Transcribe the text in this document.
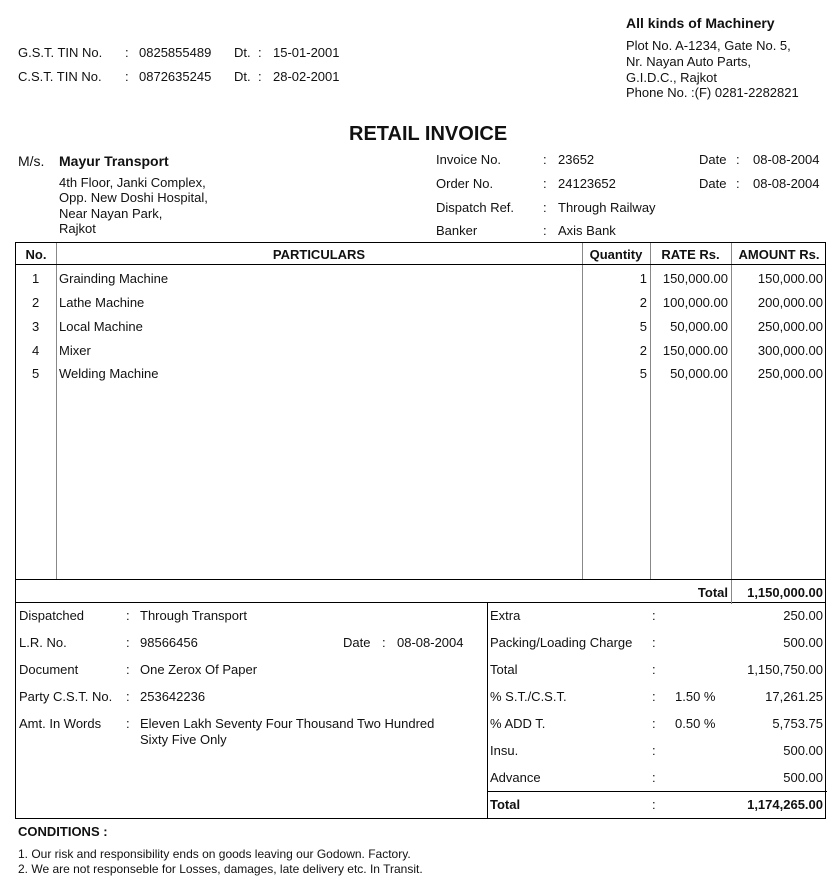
All kinds of Machinery
Plot No. A-1234, Gate No. 5,
Nr. Nayan Auto Parts,
G.I.D.C., Rajkot
Phone No. :(F) 0281-2282821
G.S.T. TIN No. : 0825855489 Dt. : 15-01-2001
C.S.T. TIN No. : 0872635245 Dt. : 28-02-2001
RETAIL INVOICE
M/s. Mayur Transport
4th Floor, Janki Complex,
Opp. New Doshi Hospital,
Near Nayan Park,
Rajkot
Invoice No.	: 23652	Date : 08-08-2004
Order No.	: 24123652	Date : 08-08-2004
Dispatch Ref. : Through Railway
Banker	: Axis Bank
No.	PARTICULARS	Quantity	RATE Rs.	AMOUNT Rs.
1 Grainding Machine	1	150,000.00	150,000.00
2 Lathe Machine	2	100,000.00	200,000.00
3 Local Machine	5	50,000.00	250,000.00
4 Mixer	2	150,000.00	300,000.00
5 Welding Machine	5	50,000.00	250,000.00
Total	1,150,000.00
Dispatched	: Through Transport
L.R. No.	: 98566456	Date : 08-08-2004
Document	: One Zerox Of Paper
Party C.S.T. No. : 253642236
Amt. In Words : Eleven Lakh Seventy Four Thousand Two Hundred
Sixty Five Only
Extra	:	250.00
Packing/Loading Charge :	500.00
Total	:	1,150,750.00
% S.T./C.S.T.	: 1.50 %	17,261.25
% ADD T.	: 0.50 %	5,753.75
Insu.	:	500.00
Advance	:	500.00
Total	:	1,174,265.00
CONDITIONS :
1. Our risk and responsibility ends on goods leaving our Godown. Factory.
2. We are not responseble for Losses, damages, late delivery etc. In Transit.
